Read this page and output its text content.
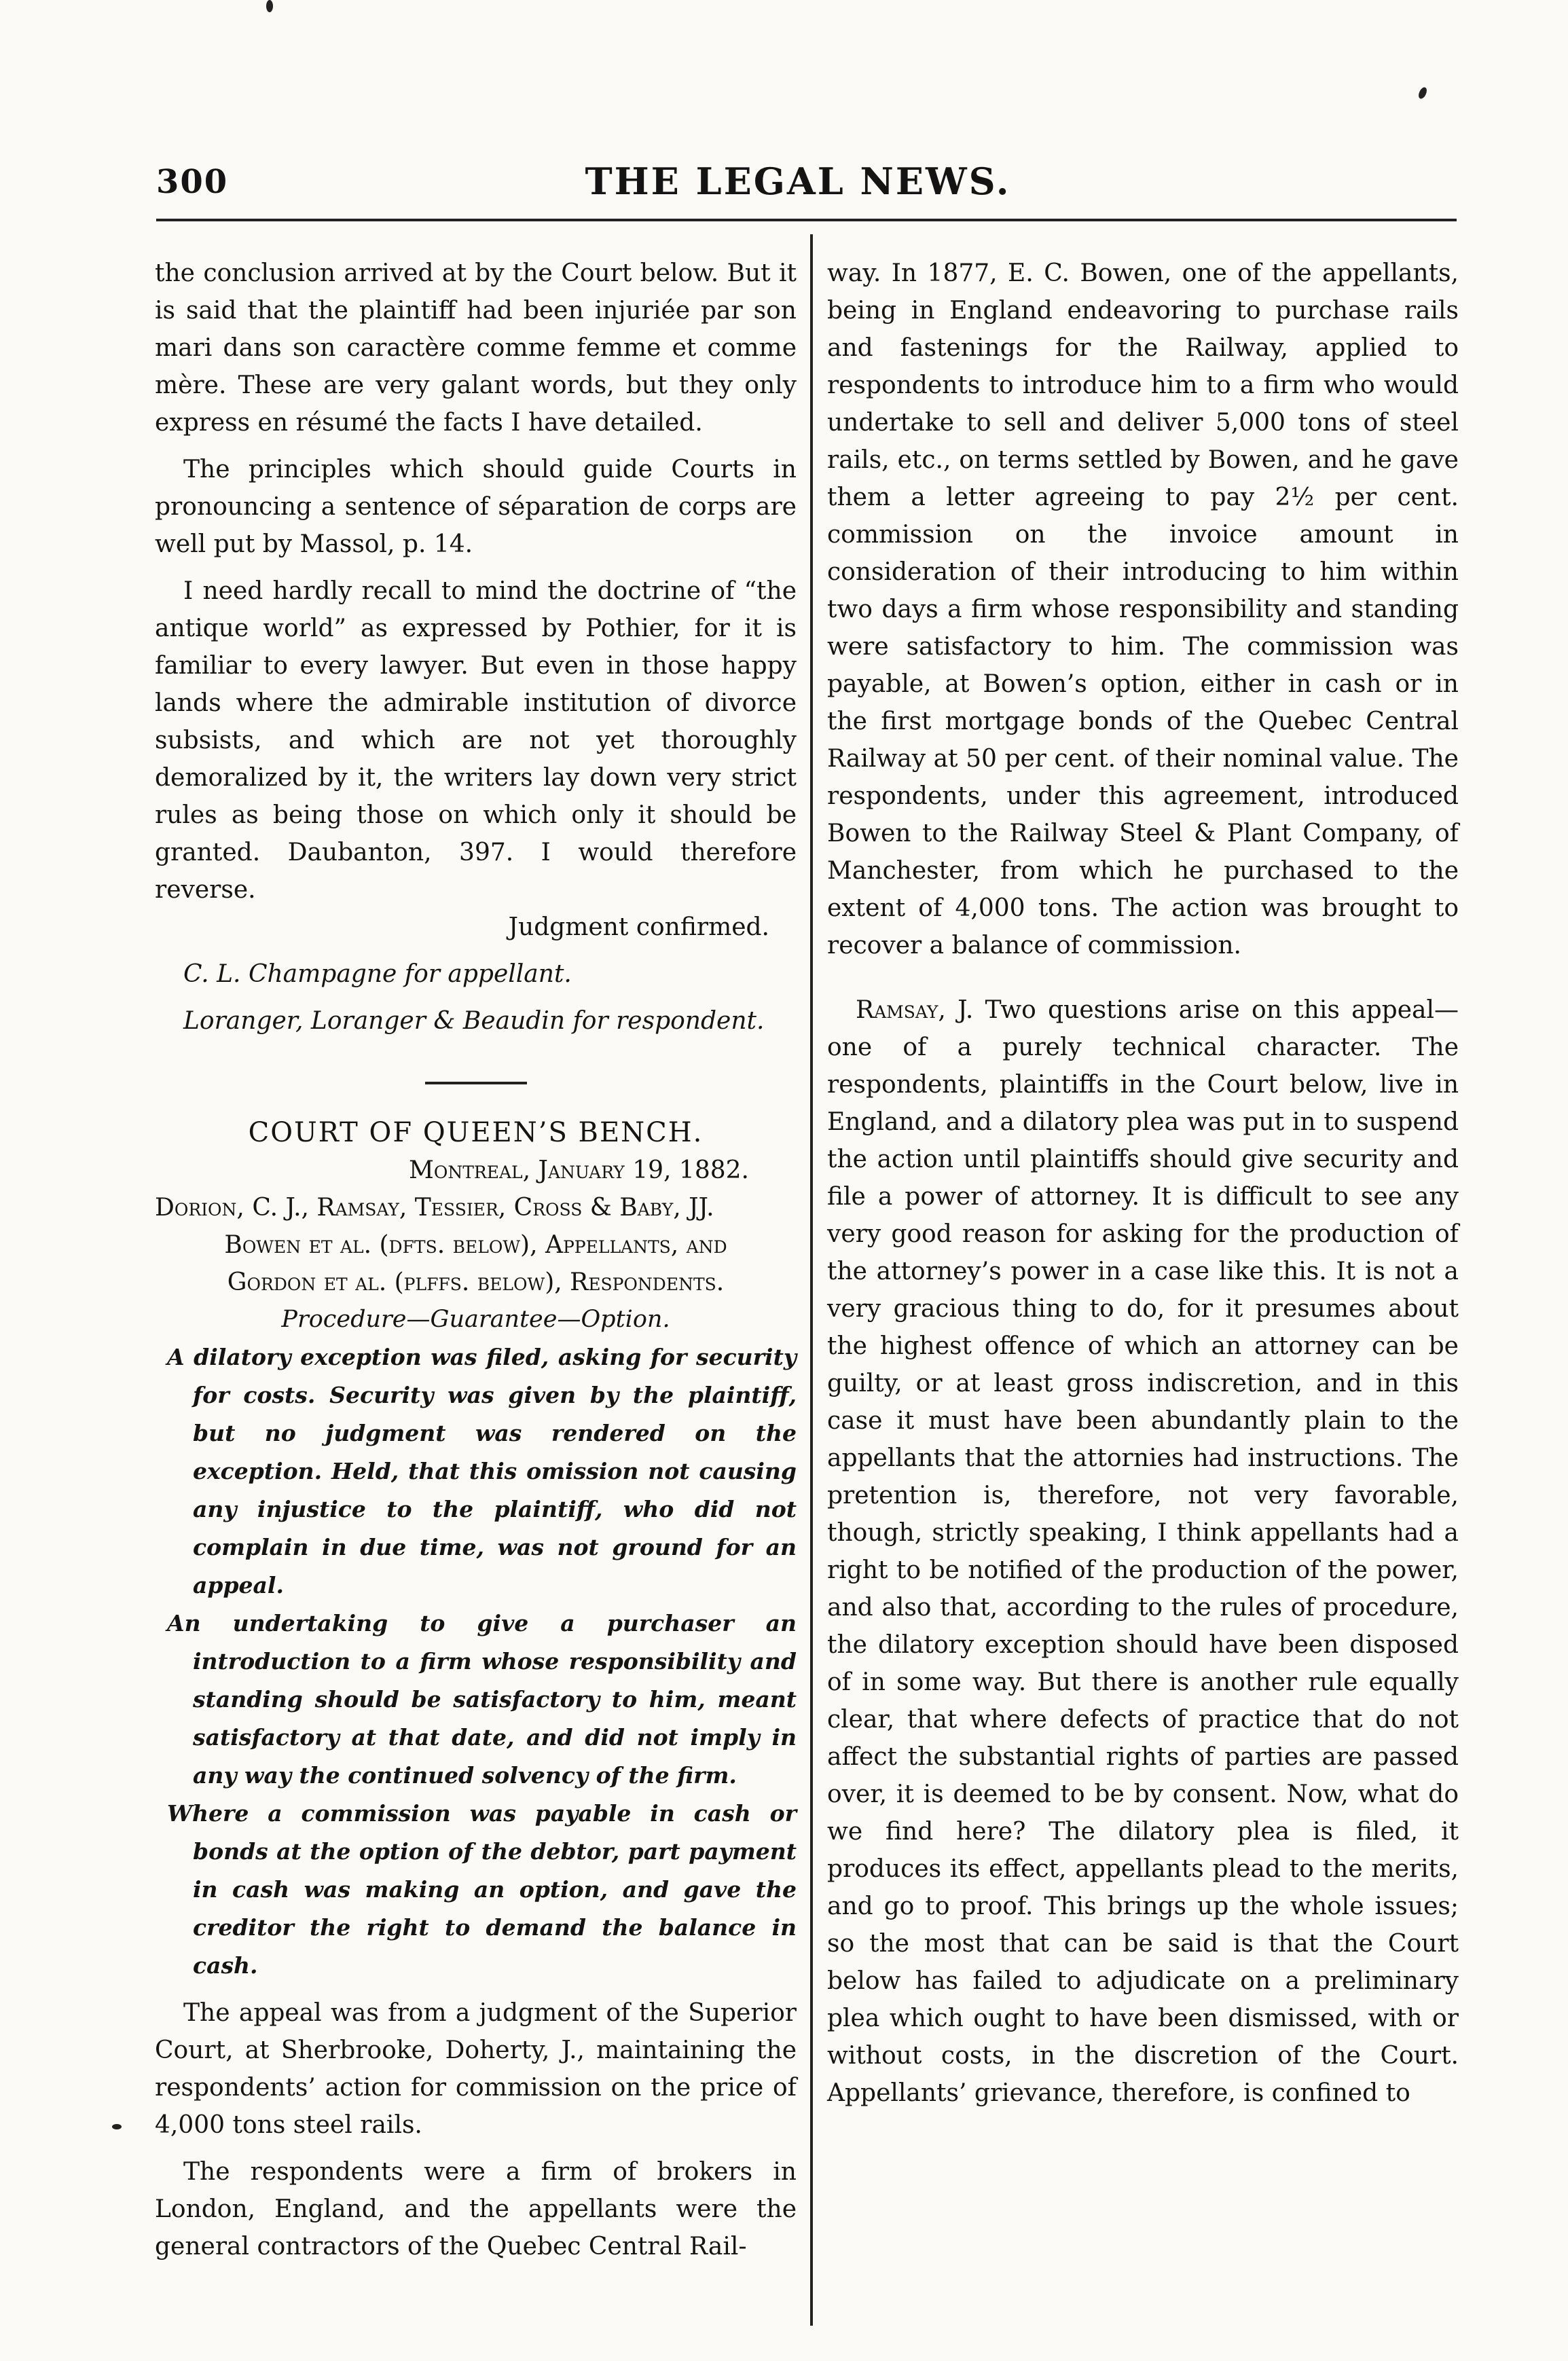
300	THE LEGAL NEWS.

the conclusion arrived at by the Court below. But it is said that the plaintiff had been injuriée par son mari dans son caractère comme femme et comme mère. These are very galant words, but they only express en résumé the facts I have detailed.

The principles which should guide Courts in pronouncing a sentence of séparation de corps are well put by Massol, p. 14.

I need hardly recall to mind the doctrine of “the antique world” as expressed by Pothier, for it is familiar to every lawyer. But even in those happy lands where the admirable institution of divorce subsists, and which are not yet thoroughly demoralized by it, the writers lay down very strict rules as being those on which only it should be granted. Daubanton, 397. I would therefore reverse.

Judgment confirmed.

C. L. Champagne for appellant.

Loranger, Loranger & Beaudin for respondent.

COURT OF QUEEN’S BENCH.

Montreal, January 19, 1882.

Dorion, C. J., Ramsay, Tessier, Cross & Baby, JJ.

Bowen et al. (dfts. below), Appellants, and

Gordon et al. (plffs. below), Respondents.

Procedure—Guarantee—Option.

A dilatory exception was filed, asking for security for costs. Security was given by the plaintiff, but no judgment was rendered on the exception. Held, that this omission not causing any injustice to the plaintiff, who did not complain in due time, was not ground for an appeal.

An undertaking to give a purchaser an introduction to a firm whose responsibility and standing should be satisfactory to him, meant satisfactory at that date, and did not imply in any way the continued solvency of the firm.

Where a commission was payable in cash or bonds at the option of the debtor, part payment in cash was making an option, and gave the creditor the right to demand the balance in cash.

The appeal was from a judgment of the Superior Court, at Sherbrooke, Doherty, J., maintaining the respondents’ action for commission on the price of 4,000 tons steel rails.

The respondents were a firm of brokers in London, England, and the appellants were the general contractors of the Quebec Central Rail-

way. In 1877, E. C. Bowen, one of the appellants, being in England endeavoring to purchase rails and fastenings for the Railway, applied to respondents to introduce him to a firm who would undertake to sell and deliver 5,000 tons of steel rails, etc., on terms settled by Bowen, and he gave them a letter agreeing to pay 2½ per cent. commission on the invoice amount in consideration of their introducing to him within two days a firm whose responsibility and standing were satisfactory to him. The commission was payable, at Bowen’s option, either in cash or in the first mortgage bonds of the Quebec Central Railway at 50 per cent. of their nominal value. The respondents, under this agreement, introduced Bowen to the Railway Steel & Plant Company, of Manchester, from which he purchased to the extent of 4,000 tons. The action was brought to recover a balance of commission.

Ramsay, J. Two questions arise on this appeal—one of a purely technical character. The respondents, plaintiffs in the Court below, live in England, and a dilatory plea was put in to suspend the action until plaintiffs should give security and file a power of attorney. It is difficult to see any very good reason for asking for the production of the attorney’s power in a case like this. It is not a very gracious thing to do, for it presumes about the highest offence of which an attorney can be guilty, or at least gross indiscretion, and in this case it must have been abundantly plain to the appellants that the attornies had instructions. The pretention is, therefore, not very favorable, though, strictly speaking, I think appellants had a right to be notified of the production of the power, and also that, according to the rules of procedure, the dilatory exception should have been disposed of in some way. But there is another rule equally clear, that where defects of practice that do not affect the substantial rights of parties are passed over, it is deemed to be by consent. Now, what do we find here? The dilatory plea is filed, it produces its effect, appellants plead to the merits, and go to proof. This brings up the whole issues; so the most that can be said is that the Court below has failed to adjudicate on a preliminary plea which ought to have been dismissed, with or without costs, in the discretion of the Court. Appellants’ grievance, therefore, is confined to
